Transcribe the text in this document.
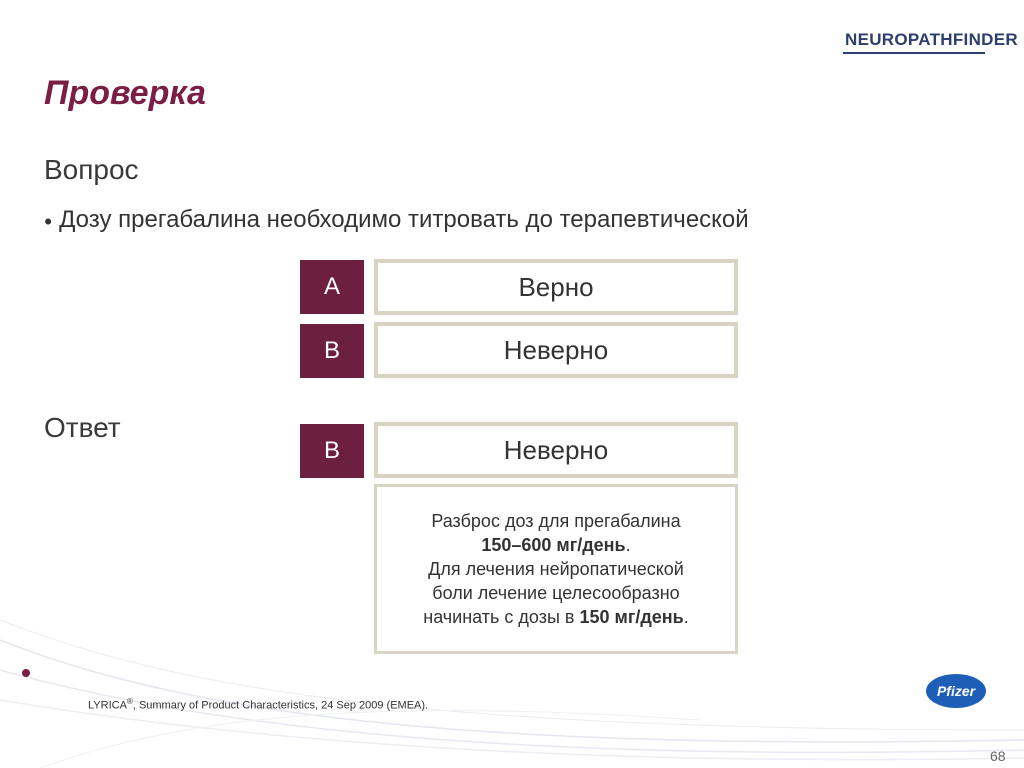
NEUROPATHFINDER
Проверка
Вопрос
● Дозу прегабалина необходимо титровать до терапевтической
A	Верно
B	Неверно
Ответ
B	Неверно
Разброс доз для прегабалина
150–600 мг/день.
Для лечения нейропатической
боли лечение целесообразно
начинать с дозы в 150 мг/день.
LYRICA®, Summary of Product Characteristics, 24 Sep 2009 (EMEA).
Pfizer
68
